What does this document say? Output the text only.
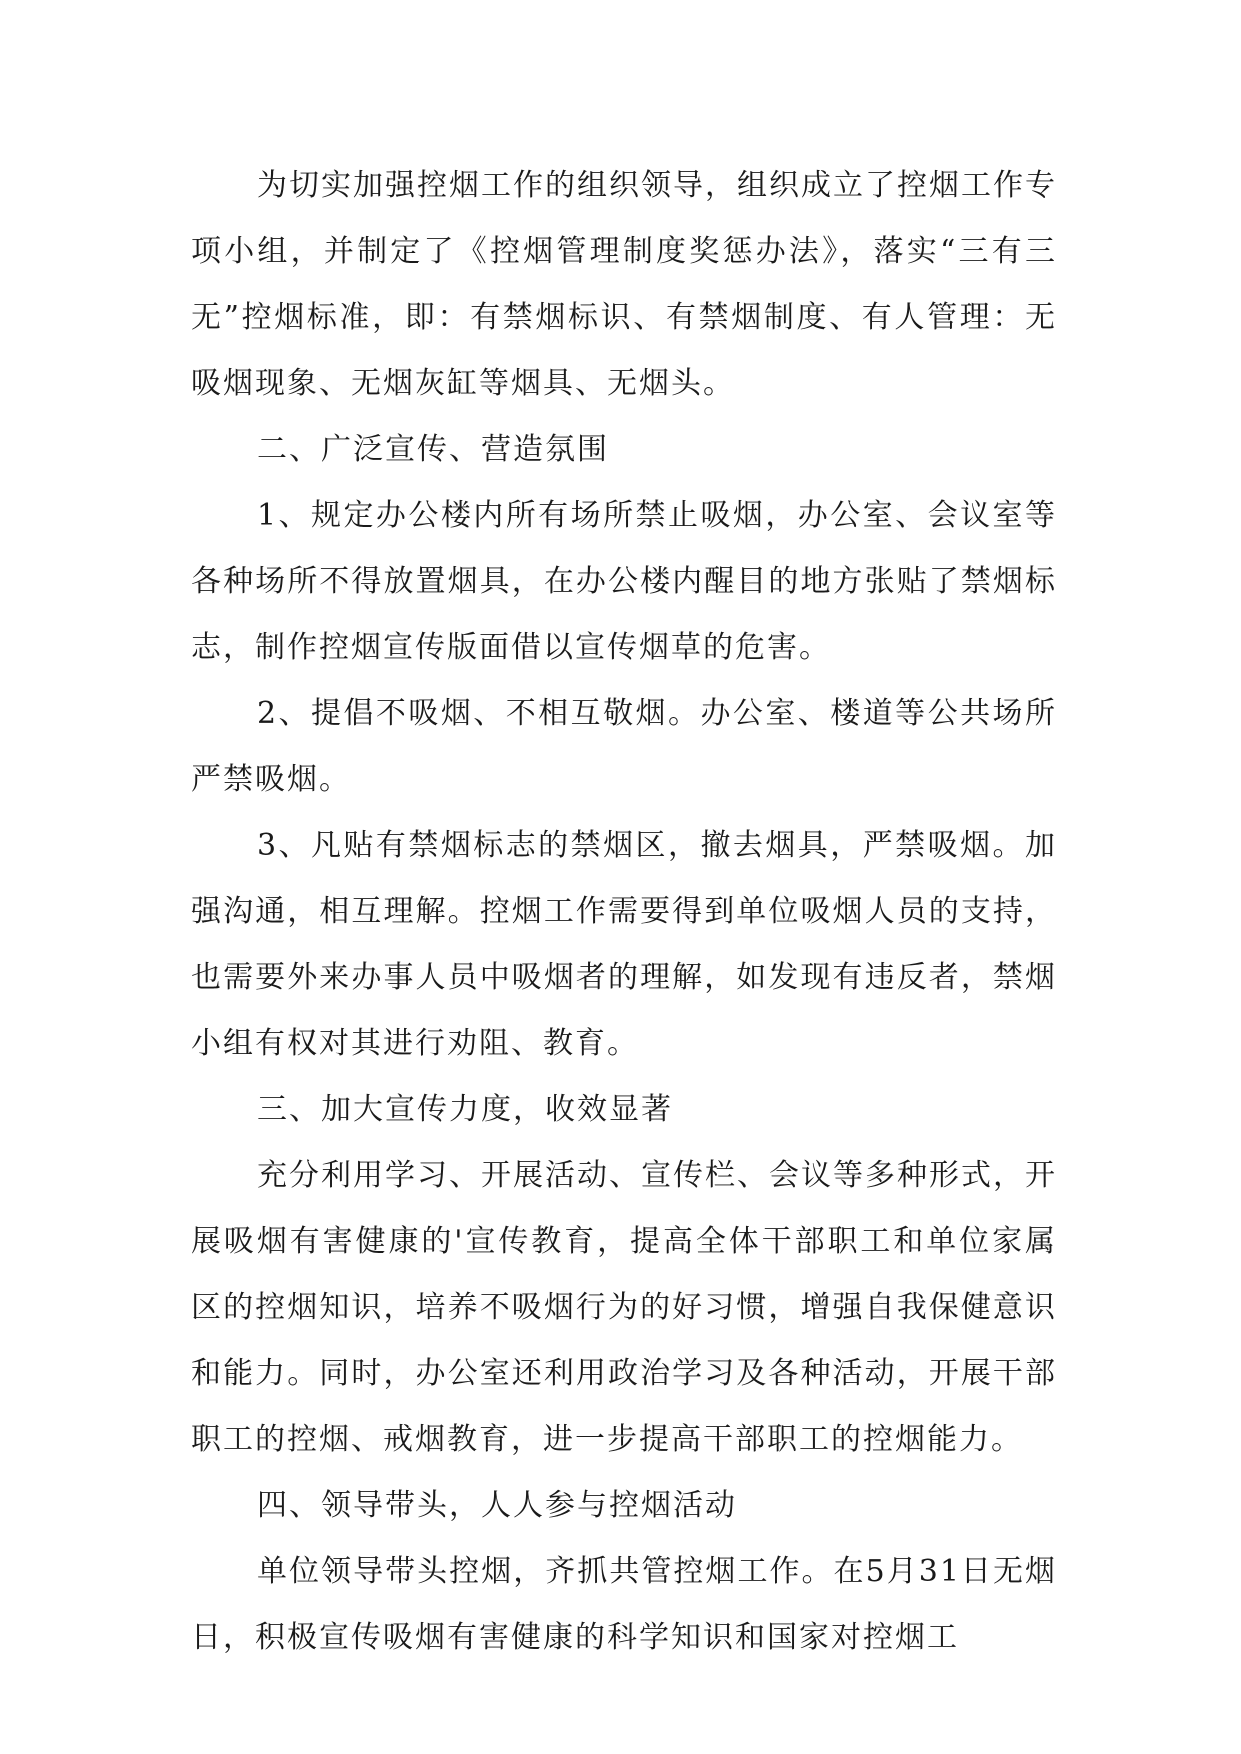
为切实加强控烟工作的组织领导，组织成立了控烟工作专项小组，并制定了《控烟管理制度奖惩办法》，落实“三有三无”控烟标准，即：有禁烟标识、有禁烟制度、有人管理：无吸烟现象、无烟灰缸等烟具、无烟头。

二、广泛宣传、营造氛围

1、规定办公楼内所有场所禁止吸烟，办公室、会议室等各种场所不得放置烟具，在办公楼内醒目的地方张贴了禁烟标志，制作控烟宣传版面借以宣传烟草的危害。

2、提倡不吸烟、不相互敬烟。办公室、楼道等公共场所严禁吸烟。

3、凡贴有禁烟标志的禁烟区，撤去烟具，严禁吸烟。加强沟通，相互理解。控烟工作需要得到单位吸烟人员的支持，也需要外来办事人员中吸烟者的理解，如发现有违反者，禁烟小组有权对其进行劝阻、教育。

三、加大宣传力度，收效显著

充分利用学习、开展活动、宣传栏、会议等多种形式，开展吸烟有害健康的'宣传教育，提高全体干部职工和单位家属区的控烟知识，培养不吸烟行为的好习惯，增强自我保健意识和能力。同时，办公室还利用政治学习及各种活动，开展干部职工的控烟、戒烟教育，进一步提高干部职工的控烟能力。

四、领导带头，人人参与控烟活动

单位领导带头控烟，齐抓共管控烟工作。在5月31日无烟日，积极宣传吸烟有害健康的科学知识和国家对控烟工
